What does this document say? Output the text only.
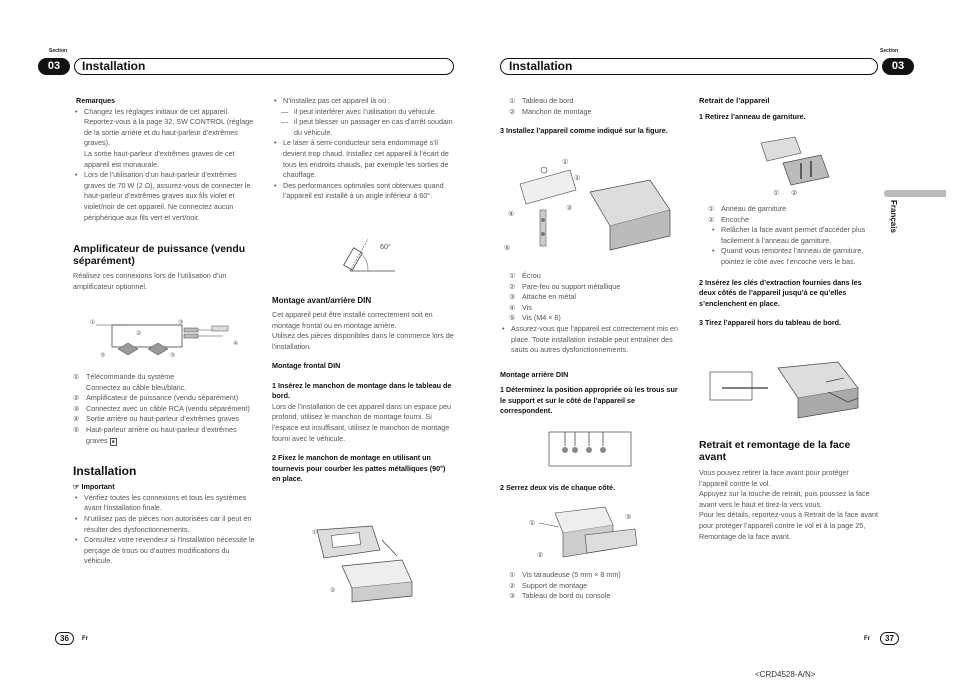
Section
03	Installation
Section
Installation	03
Français

Remarques

• Changez les réglages initiaux de cet appareil. Reportez-vous à la page 32, SW CONTROL (réglage de la sortie arrière et du haut-parleur d’extrêmes graves).

La sortie haut-parleur d’extrêmes graves de cet appareil est monaurale.

• Lors de l’utilisation d’un haut-parleur d’extrêmes graves de 70 W (2 Ω), assurez-vous de connecter le haut-parleur d’extrêmes graves aux fils violet et violet/noir de cet appareil. Ne connectez aucun périphérique aux fils vert et vert/noir.

Amplificateur de puissance (vendu séparément)

Réalisez ces connexions lors de l’utilisation d’un amplificateur optionnel.

①	③
②
④
⑤	⑤
① Télécommande du système
Connectez au câble bleu/blanc.
② Amplificateur de puissance (vendu séparément)
③ Connectez avec un câble RCA (vendu séparément)
④ Sortie arrière ou haut-parleur d’extrêmes graves
⑤ Haut-parleur arrière ou haut-parleur d’extrêmes graves ■

Installation

☞ Important

• Vérifiez toutes les connexions et tous les systèmes avant l’installation finale.

• N’utilisez pas de pièces non autorisées car il peut en résulter des dysfonctionnements.

• Consultez votre revendeur si l’installation nécessite le perçage de trous ou d’autres modifications du véhicule.

• N’installez pas cet appareil là où :

— il peut interférer avec l’utilisation du véhicule.

— il peut blesser un passager en cas d’arrêt soudain du véhicule.

• Le laser à semi-conducteur sera endommagé s’il devient trop chaud. Installez cet appareil à l’écart de tous les endroits chauds, par exemple les sorties de chauffage.

• Des performances optimales sont obtenues quand l’appareil est installé à un angle inférieur à 60°.

60°

Montage avant/arrière DIN

Cet appareil peut être installé correctement soit en montage frontal ou en montage arrière.
Utilisez des pièces disponibles dans le commerce lors de l’installation.

Montage frontal DIN

1 Insérez le manchon de montage dans le tableau de bord.

Lors de l’installation de cet appareil dans un espace peu profond, utilisez le manchon de montage fourni. Si l’espace est insuffisant, utilisez le manchon de montage fourni avec le véhicule.

2 Fixez le manchon de montage en utilisant un tournevis pour courber les pattes métalliques (90°) en place.

①
②
① Tableau de bord
② Manchon de montage

3 Installez l’appareil comme indiqué sur la figure.

①
②
③
④
⑤
① Écrou
② Pare-feu ou support métallique
③ Attache en métal
④ Vis
⑤ Vis (M4 × 8)

• Assurez-vous que l’appareil est correctement mis en place. Toute installation instable peut entraîner des sauts ou autres dysfonctionnements.

Montage arrière DIN

1 Déterminez la position appropriée où les trous sur le support et sur le côté de l’appareil se correspondent.

2 Serrez deux vis de chaque côté.
①
②
③
① Vis taraudeuse (5 mm × 8 mm)
② Support de montage
③ Tableau de bord ou console

Retrait de l’appareil

1 Retirez l’anneau de garniture.

① ②
① Anneau de garniture
② Encoche

• Relâcher la face avant permet d’accéder plus facilement à l’anneau de garniture.

• Quand vous remontez l’anneau de garniture, pointez le côté avec l’encoche vers le bas.

2 Insérez les clés d’extraction fournies dans les deux côtés de l’appareil jusqu’à ce qu’elles s’enclenchent en place.

3 Tirez l’appareil hors du tableau de bord.

Retrait et remontage de la face avant

Vous pouvez retirer la face avant pour protéger l’appareil contre le vol.
Appuyez sur la touche de retrait, puis poussez la face avant vers le haut et tirez-la vers vous.
Pour les détails, reportez-vous à Retrait de la face avant pour protéger l’appareil contre le vol et à la page 25, Remontage de la face avant.

36	Fr	Fr	37
<CRD4528-A/N>
